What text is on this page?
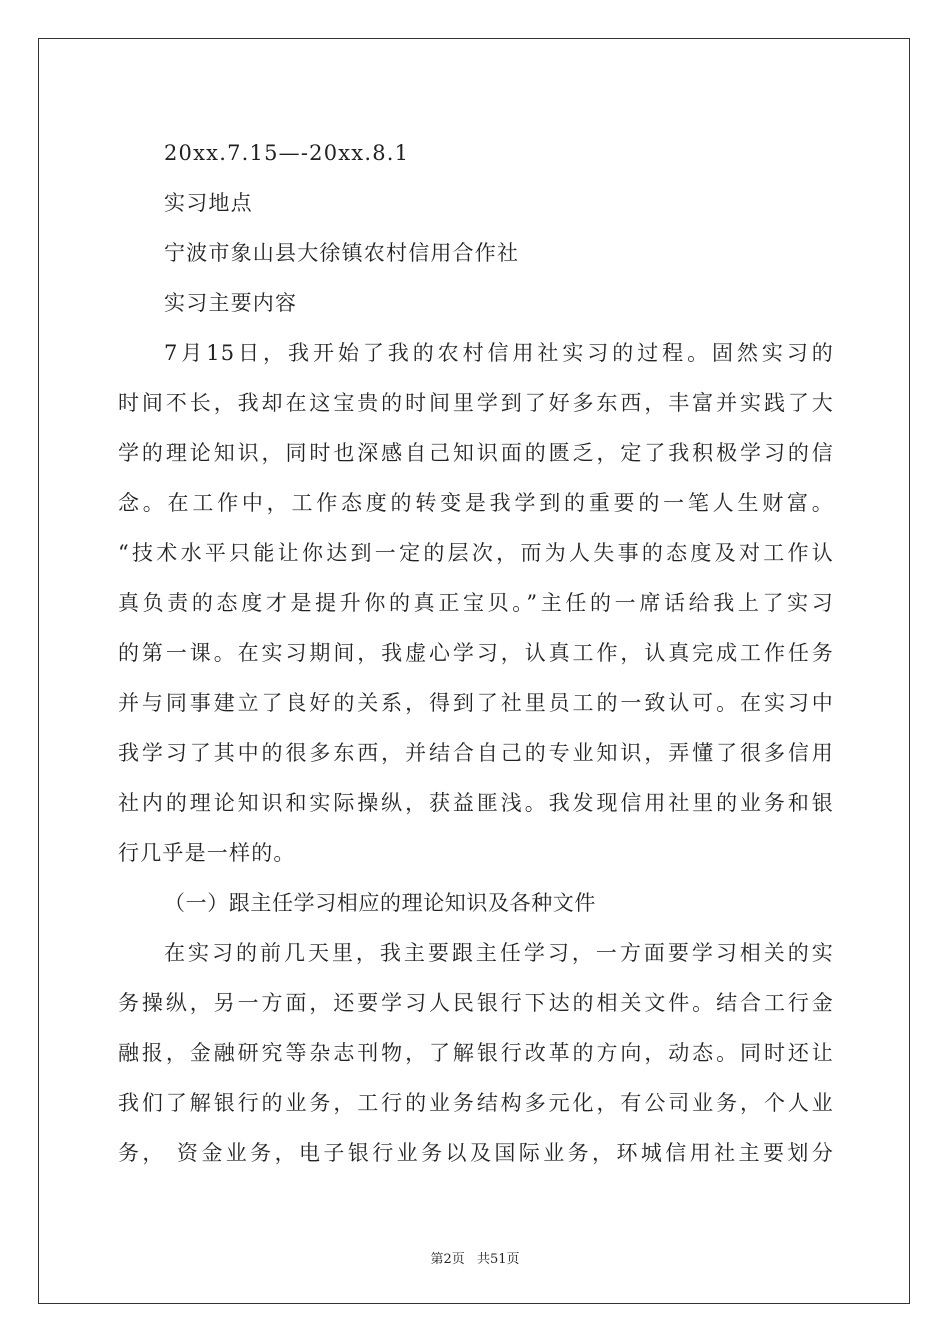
20xx.7.15—-20xx.8.1
实习地点
宁波市象山县大徐镇农村信用合作社
实习主要内容
7月15日，我开始了我的农村信用社实习的过程。固然实习的
时间不长，我却在这宝贵的时间里学到了好多东西，丰富并实践了大
学的理论知识，同时也深感自己知识面的匮乏，定了我积极学习的信
念。在工作中，工作态度的转变是我学到的重要的一笔人生财富。
“技术水平只能让你达到一定的层次，而为人失事的态度及对工作认
真负责的态度才是提升你的真正宝贝。”主任的一席话给我上了实习
的第一课。在实习期间，我虚心学习，认真工作，认真完成工作任务
并与同事建立了良好的关系，得到了社里员工的一致认可。在实习中
我学习了其中的很多东西，并结合自己的专业知识，弄懂了很多信用
社内的理论知识和实际操纵，获益匪浅。我发现信用社里的业务和银
行几乎是一样的。
（一）跟主任学习相应的理论知识及各种文件
在实习的前几天里，我主要跟主任学习，一方面要学习相关的实
务操纵，另一方面，还要学习人民银行下达的相关文件。结合工行金
融报，金融研究等杂志刊物，了解银行改革的方向，动态。同时还让
我们了解银行的业务，工行的业务结构多元化，有公司业务，个人业
务， 资金业务，电子银行业务以及国际业务，环城信用社主要划分
第2页 共51页
